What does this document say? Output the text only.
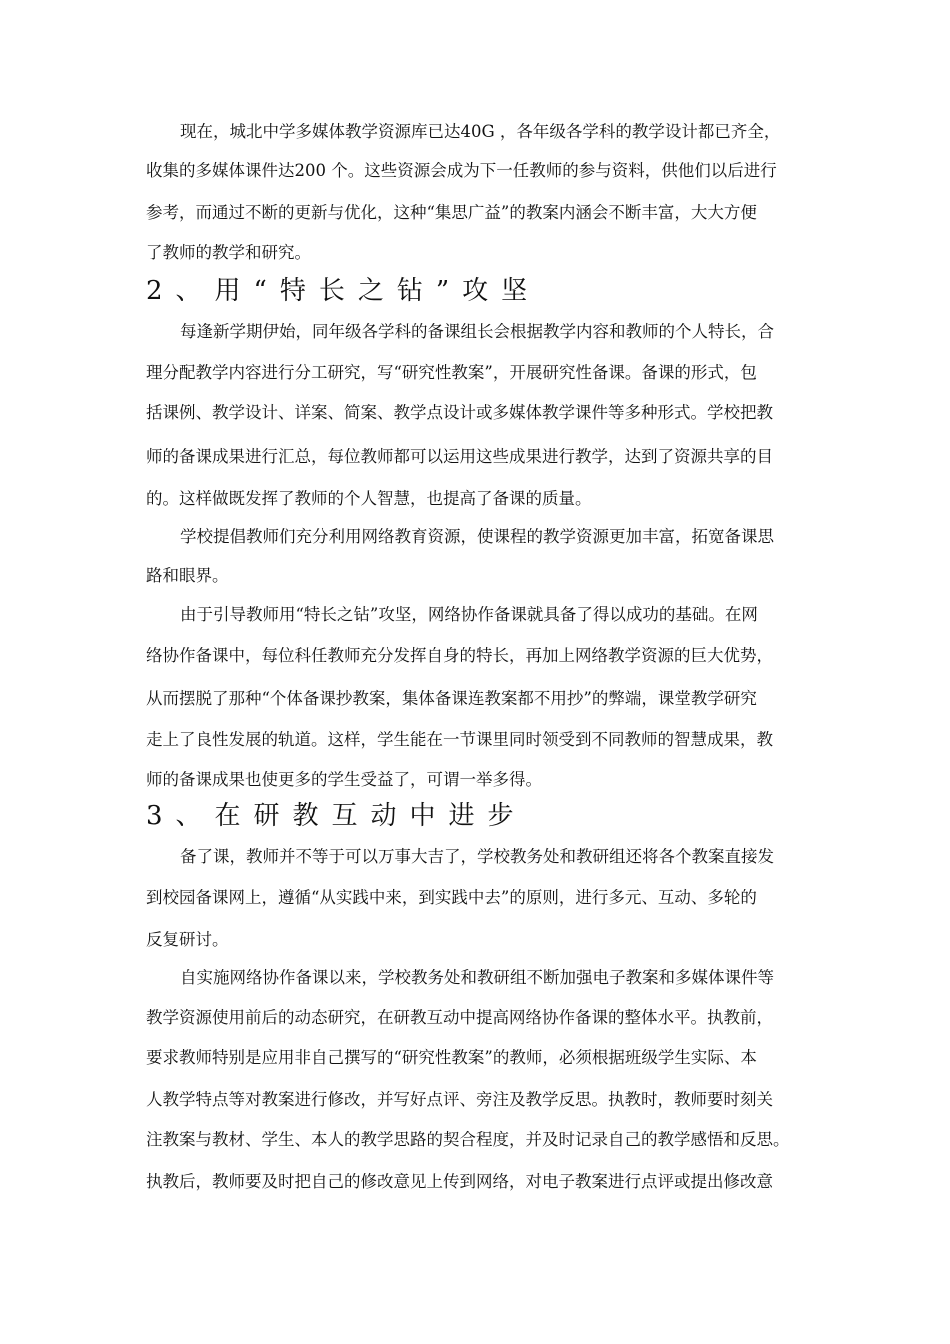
现在，城北中学多媒体教学资源库已达40G ，各年级各学科的教学设计都已齐全，
收集的多媒体课件达200 个。这些资源会成为下一任教师的参与资料，供他们以后进行
参考，而通过不断的更新与优化，这种“集思广益”的教案内涵会不断丰富，大大方便
了教师的教学和研究。
2、用“特长之钻”攻坚
每逢新学期伊始，同年级各学科的备课组长会根据教学内容和教师的个人特长，合
理分配教学内容进行分工研究，写“研究性教案”，开展研究性备课。备课的形式，包
括课例、教学设计、详案、简案、教学点设计或多媒体教学课件等多种形式。学校把教
师的备课成果进行汇总，每位教师都可以运用这些成果进行教学，达到了资源共享的目
的。这样做既发挥了教师的个人智慧，也提高了备课的质量。
学校提倡教师们充分利用网络教育资源，使课程的教学资源更加丰富，拓宽备课思
路和眼界。
由于引导教师用“特长之钻”攻坚，网络协作备课就具备了得以成功的基础。在网
络协作备课中，每位科任教师充分发挥自身的特长，再加上网络教学资源的巨大优势，
从而摆脱了那种“个体备课抄教案，集体备课连教案都不用抄”的弊端，课堂教学研究
走上了良性发展的轨道。这样，学生能在一节课里同时领受到不同教师的智慧成果，教
师的备课成果也使更多的学生受益了，可谓一举多得。
3、在研教互动中进步
备了课，教师并不等于可以万事大吉了，学校教务处和教研组还将各个教案直接发
到校园备课网上，遵循“从实践中来，到实践中去”的原则，进行多元、互动、多轮的
反复研讨。
自实施网络协作备课以来，学校教务处和教研组不断加强电子教案和多媒体课件等
教学资源使用前后的动态研究，在研教互动中提高网络协作备课的整体水平。执教前，
要求教师特别是应用非自己撰写的“研究性教案”的教师，必须根据班级学生实际、本
人教学特点等对教案进行修改，并写好点评、旁注及教学反思。执教时，教师要时刻关
注教案与教材、学生、本人的教学思路的契合程度，并及时记录自己的教学感悟和反思。
执教后，教师要及时把自己的修改意见上传到网络，对电子教案进行点评或提出修改意
